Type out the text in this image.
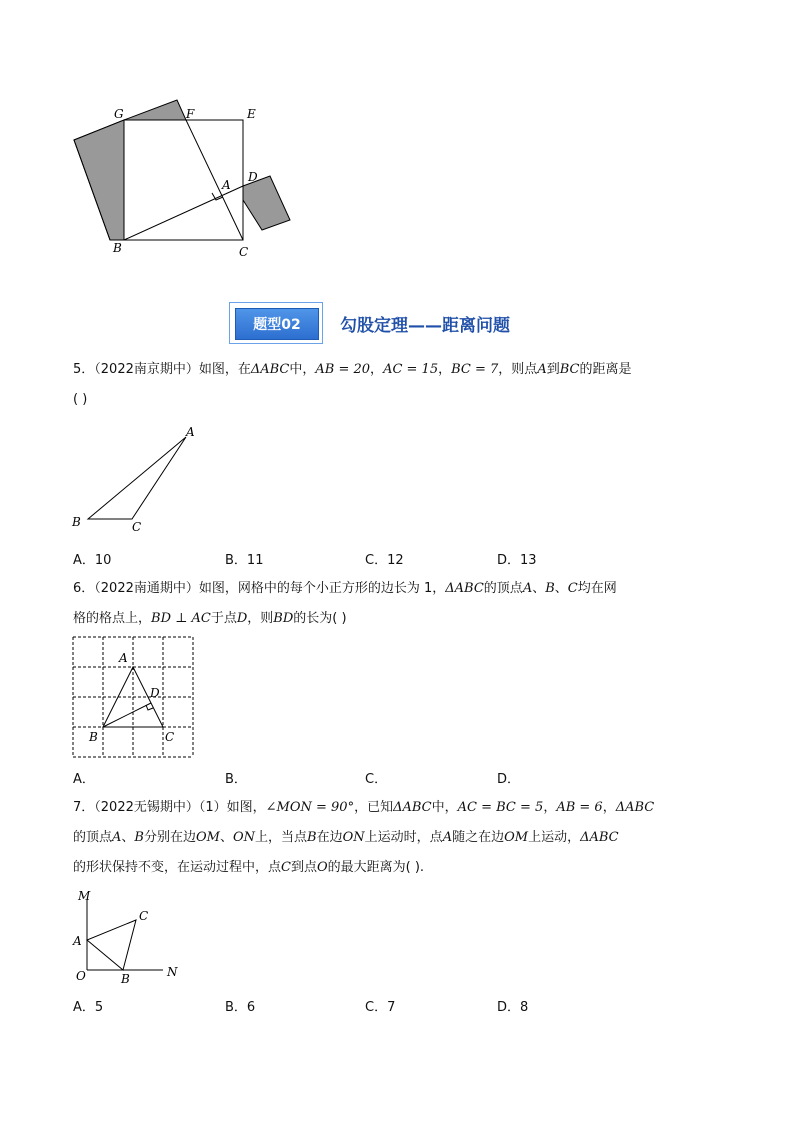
G	F	E
A
D
B	C
题型02	勾股定理——距离问题
5．（2022南京期中）如图，在ΔABC中，AB = 20，AC = 15，BC = 7，则点A到BC的距离是
( )
A
B	C
A．10	B．11	C．12	D．13
6．（2022南通期中）如图，网格中的每个小正方形的边长为 1，ΔABC的顶点A、B、C均在网
格的格点上，BD ⊥ AC于点D，则BD的长为( )
A
D
B	C
A．	B．	C．	D．
7．（2022无锡期中）（1）如图，∠MON = 90°，已知ΔABC中，AC = BC = 5，AB = 6，ΔABC
的顶点A、B分别在边OM、ON上，当点B在边ON上运动时，点A随之在边OM上运动，ΔABC
的形状保持不变，在运动过程中，点C到点O的最大距离为( ).
M
C
A
O	B	N
A．5	B．6	C．7	D．8
